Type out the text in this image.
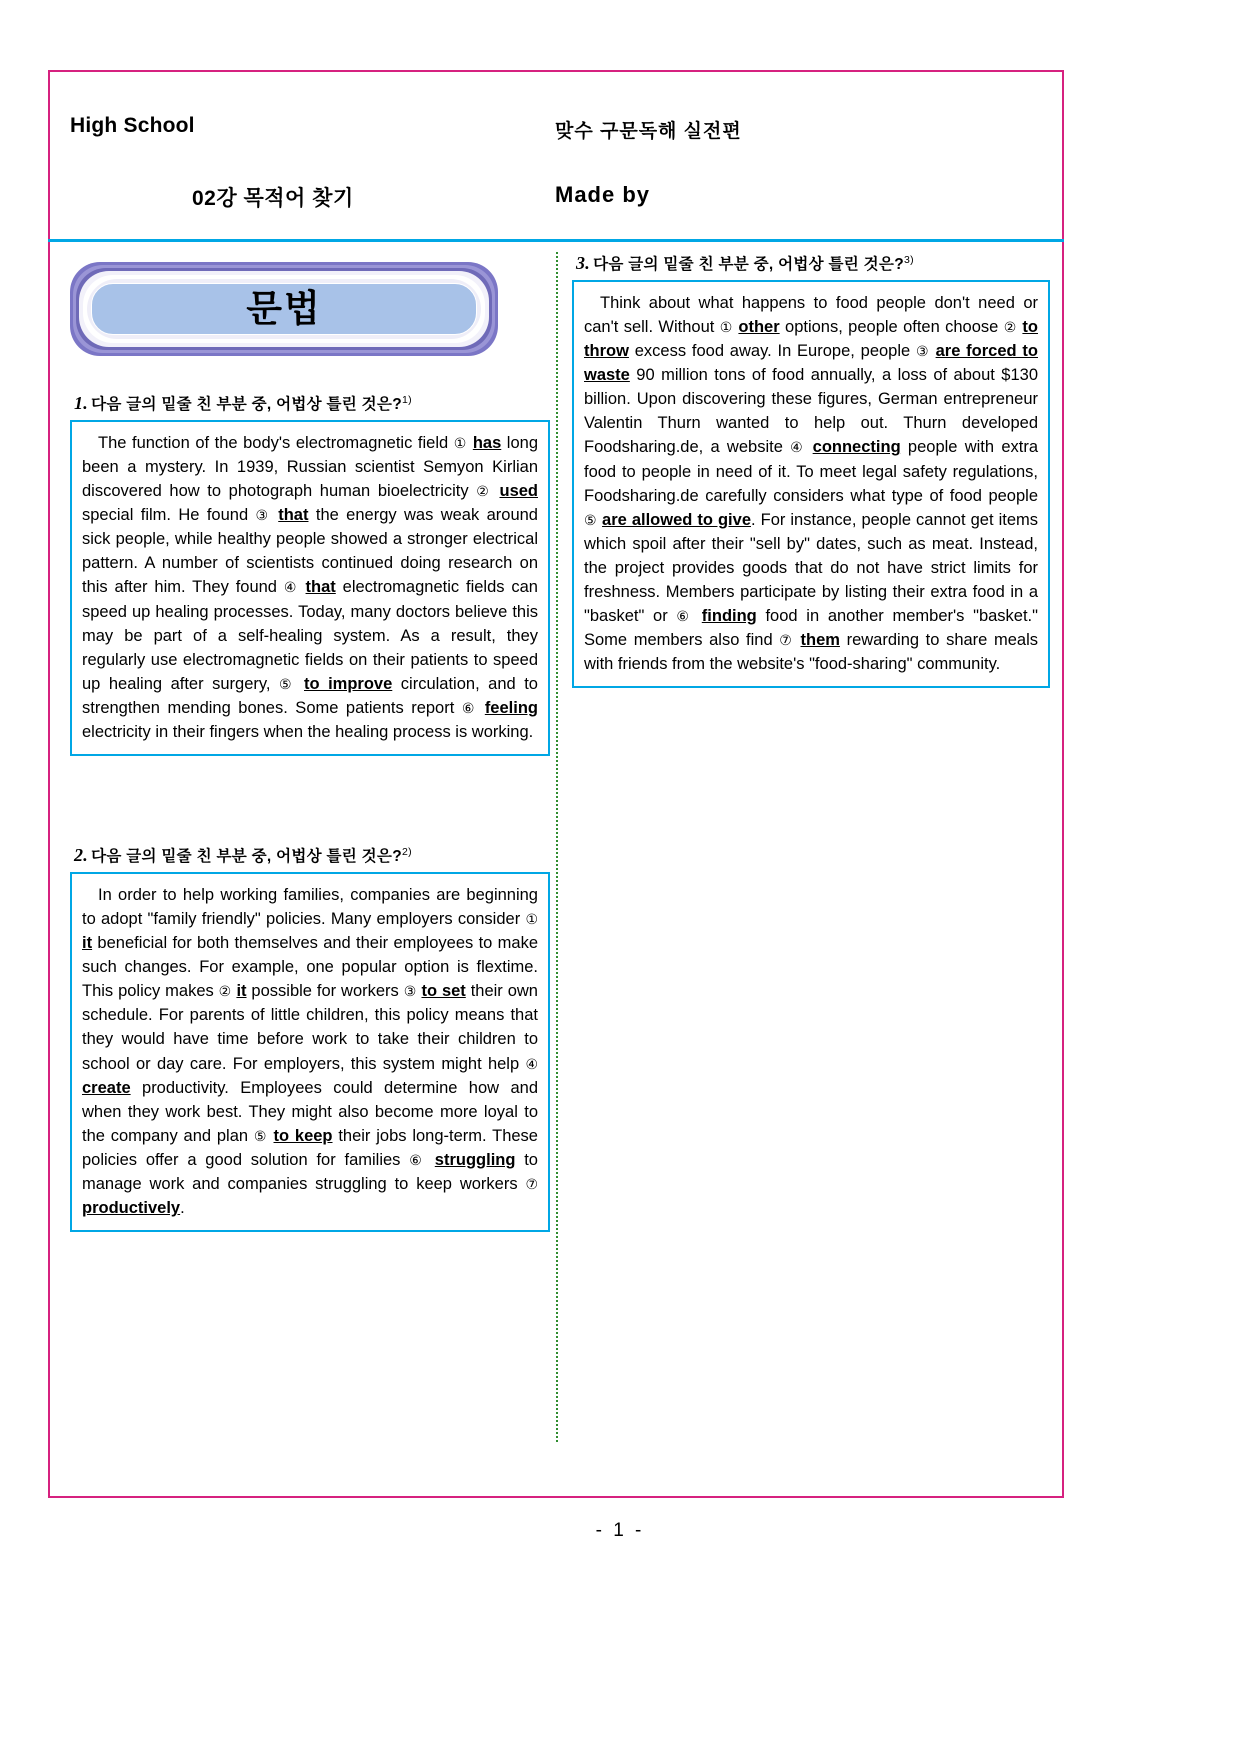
High School	맞수 구문독해 실전편
02강 목적어 찾기	Made by
문법
1. 다음 글의 밑줄 친 부분 중, 어법상 틀린 것은?$^{1)}$

The function of the body's electromagnetic field ① has long been a mystery. In 1939, Russian scientist Semyon Kirlian discovered how to photograph human bioelectricity ② used special film. He found ③ that the energy was weak around sick people, while healthy people showed a stronger electrical pattern. A number of scientists continued doing research on this after him. They found ④ that electromagnetic fields can speed up healing processes. Today, many doctors believe this may be part of a self-healing system. As a result, they regularly use electromagnetic fields on their patients to speed up healing after surgery, ⑤ to improve circulation, and to strengthen mending bones. Some patients report ⑥ feeling electricity in their fingers when the healing process is working.

2. 다음 글의 밑줄 친 부분 중, 어법상 틀린 것은?$^{2)}$

In order to help working families, companies are beginning to adopt "family friendly" policies. Many employers consider ① it beneficial for both themselves and their employees to make such changes. For example, one popular option is flextime. This policy makes ② it possible for workers ③ to set their own schedule. For parents of little children, this policy means that they would have time before work to take their children to school or day care. For employers, this system might help ④ create productivity. Employees could determine how and when they work best. They might also become more loyal to the company and plan ⑤ to keep their jobs long-term. These policies offer a good solution for families ⑥ struggling to manage work and companies struggling to keep workers ⑦ productively.

3. 다음 글의 밑줄 친 부분 중, 어법상 틀린 것은?$^{3)}$

Think about what happens to food people don't need or can't sell. Without ① other options, people often choose ② to throw excess food away. In Europe, people ③ are forced to waste 90 million tons of food annually, a loss of about $130 billion. Upon discovering these figures, German entrepreneur Valentin Thurn wanted to help out. Thurn developed Foodsharing.de, a website ④ connecting people with extra food to people in need of it. To meet legal safety regulations, Foodsharing.de carefully considers what type of food people ⑤ are allowed to give. For instance, people cannot get items which spoil after their "sell by" dates, such as meat. Instead, the project provides goods that do not have strict limits for freshness. Members participate by listing their extra food in a "basket" or ⑥ finding food in another member's "basket." Some members also find ⑦ them rewarding to share meals with friends from the website's "food-sharing" community.

- 1 -
